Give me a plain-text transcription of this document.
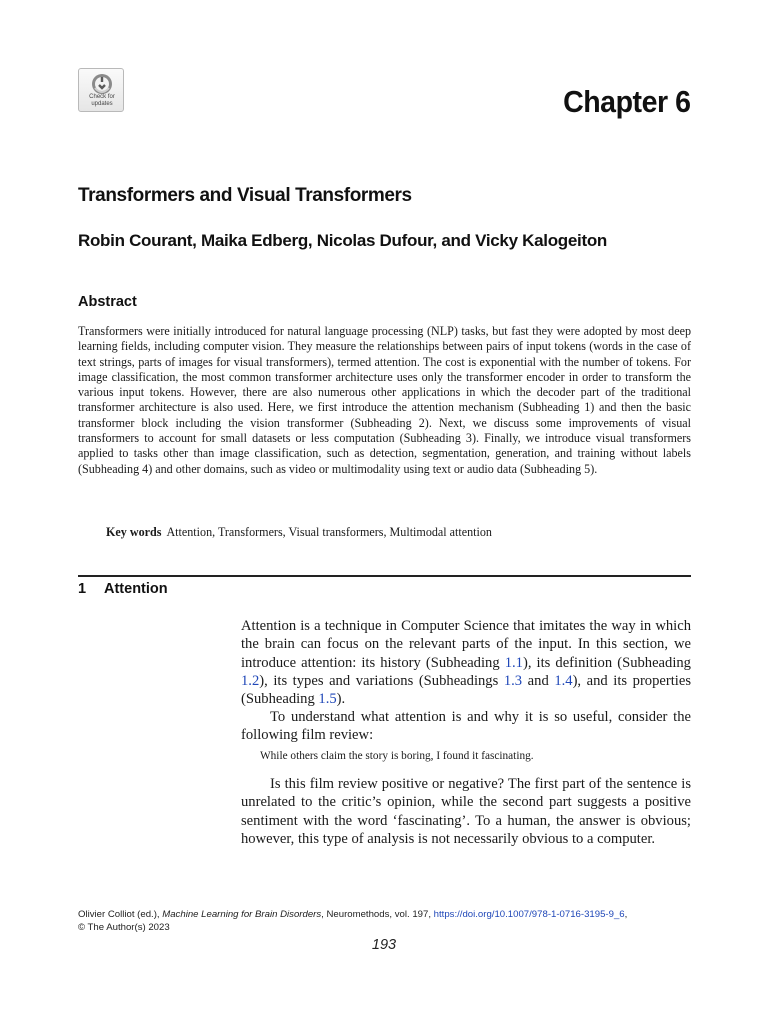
Check for
updates	Chapter 6
Transformers and Visual Transformers
Robin Courant, Maika Edberg, Nicolas Dufour, and Vicky Kalogeiton
Abstract

Transformers were initially introduced for natural language processing (NLP) tasks, but fast they were adopted by most deep learning fields, including computer vision. They measure the relationships between pairs of input tokens (words in the case of text strings, parts of images for visual transformers), termed attention. The cost is exponential with the number of tokens. For image classification, the most common transformer architecture uses only the transformer encoder in order to transform the various input tokens. However, there are also numerous other applications in which the decoder part of the traditional transformer architecture is also used. Here, we first introduce the attention mechanism (Subheading 1) and then the basic transformer block including the vision transformer (Subheading 2). Next, we discuss some improvements of visual transformers to account for small datasets or less computation (Subheading 3). Finally, we introduce visual transformers applied to tasks other than image classification, such as detection, segmentation, generation, and training without labels (Subheading 4) and other domains, such as video or multimodality using text or audio data (Subheading 5).

Key words Attention, Transformers, Visual transformers, Multimodal attention
1 Attention

Attention is a technique in Computer Science that imitates the way in which the brain can focus on the relevant parts of the input. In this section, we introduce attention: its history (Subheading 1.1), its definition (Subheading 1.2), its types and variations (Subheadings 1.3 and 1.4), and its properties (Subheading 1.5).

To understand what attention is and why it is so useful, consider the following film review:

While others claim the story is boring, I found it fascinating.

Is this film review positive or negative? The first part of the sentence is unrelated to the critic’s opinion, while the second part suggests a positive sentiment with the word ‘fascinating’. To a human, the answer is obvious; however, this type of analysis is not necessarily obvious to a computer.

Olivier Colliot (ed.), Machine Learning for Brain Disorders, Neuromethods, vol. 197, https://doi.org/10.1007/978-1-0716-3195-9_6,
© The Author(s) 2023
193
